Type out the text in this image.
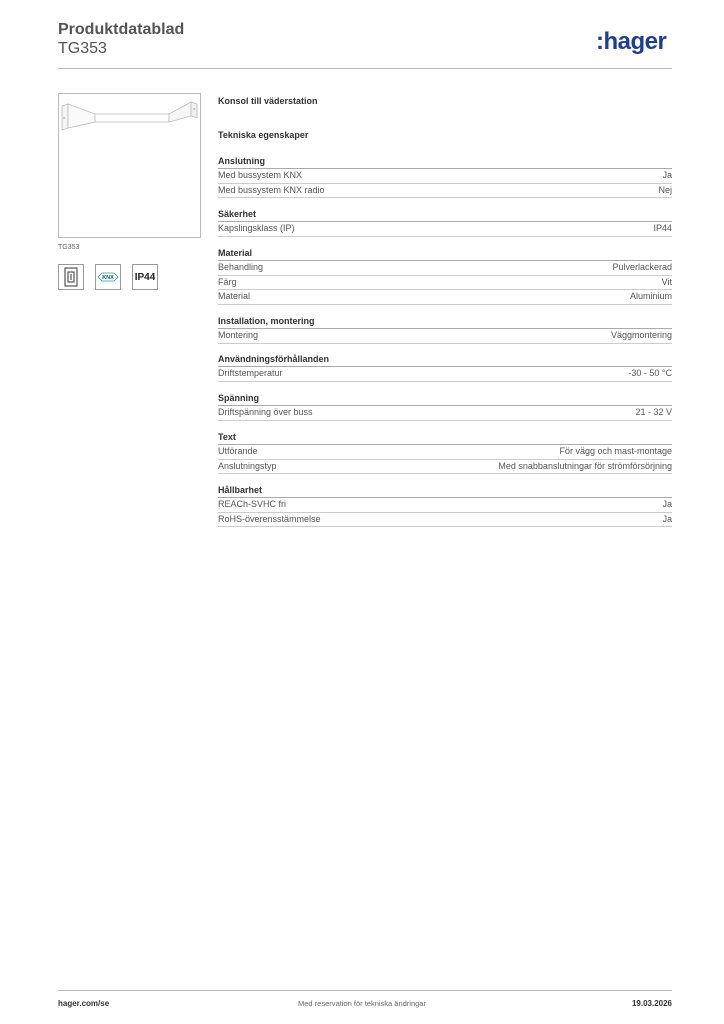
Produktdatablad
TG353	:hager
TG353
KNX IP44
Konsol till väderstation
Tekniska egenskaper
Anslutning
Med bussystem KNX	Ja
Med bussystem KNX radio	Nej
Säkerhet
Kapslingsklass (IP)	IP44
Material
Behandling	Pulverlackerad
Färg	Vit
Material	Aluminium
Installation, montering
Montering	Väggmontering
Användningsförhållanden
Driftstemperatur	-30 - 50 °C
Spänning
Driftspänning över buss	21 - 32 V
Text
Utförande	För vägg och mast-montage
Anslutningstyp	Med snabbanslutningar för strömförsörjning
Hållbarhet
REACh-SVHC fri	Ja
RoHS-överensstämmelse	Ja
hager.com/se	Med reservation för tekniska ändringar	19.03.2026
